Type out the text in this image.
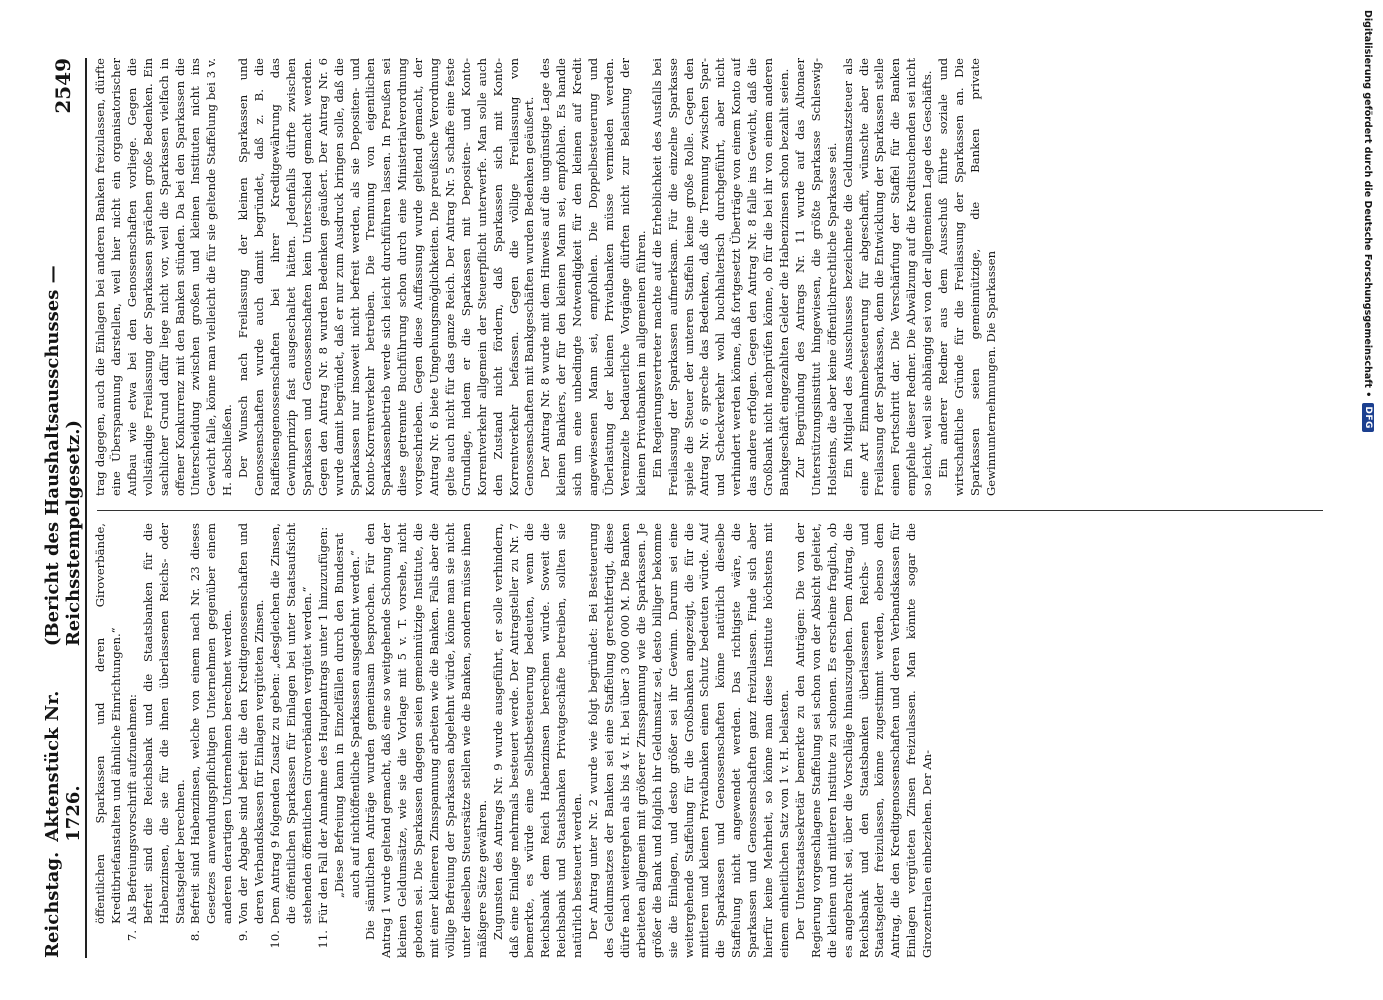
Reichstag.
Aktenstück Nr. 1726.
(Bericht des Haushaltsausschusses — Reichsstempelgesetz.)
2549

öffentlichen Sparkassen und deren Giroverbände, Kreditbriefanstalten und ähnliche Einrichtungen.“

7.
Als Befreiungsvorschrift aufzunehmen: Befreit sind die Reichsbank und die Staatsbanken für die Habenzinsen, die sie für die ihnen überlassenen Reichs- oder Staatsgelder berechnen.
8.
Befreit sind Habenzinsen, welche von einem nach Nr. 23 dieses Gesetzes anwendungspflichtigen Unternehmen gegenüber einem anderen derartigen Unternehmen berechnet werden.
9.
Von der Abgabe sind befreit die den Kreditgenossenschaften und deren Verbandskassen für Einlagen vergüteten Zinsen.
10.
Dem Antrag 9 folgenden Zusatz zu geben: „desgleichen die Zinsen, die öffentlichen Sparkassen für Einlagen bei unter Staatsaufsicht stehenden öffentlichen Giroverbänden vergütet werden.“
11.
Für den Fall der Annahme des Hauptantrags unter 1 hinzuzufügen: „Diese Befreiung kann in Einzelfällen durch den Bundesrat auch auf nichtöffentliche Sparkassen ausgedehnt werden.“ Die sämtlichen Anträge wurden gemeinsam besprochen. Für den Antrag 1 wurde geltend gemacht, daß eine so weitgehende Schonung der kleinen Geldumsätze, wie sie die Vorlage mit 5 v. T. vorsehe, nicht geboten sei. Die Sparkassen dagegen seien gemeinnützige Institute, die mit einer kleineren Zinsspannung arbeiten wie die Banken. Falls aber die völlige Befreiung der Sparkassen abgelehnt würde, könne man sie nicht unter dieselben Steuersätze stellen wie die Banken, sondern müsse ihnen mäßigere Sätze gewähren. Zugunsten des Antrags Nr. 9 wurde ausgeführt, er solle verhindern, daß eine Einlage mehrmals besteuert werde. Der Antragsteller zu Nr. 7 bemerkte, es würde eine Selbstbesteuerung bedeuten, wenn die Reichsbank dem Reich Habenzinsen berechnen würde. Soweit die Reichsbank und Staatsbanken Privatgeschäfte betreiben, sollten sie natürlich besteuert werden. Der Antrag unter Nr. 2 wurde wie folgt begründet: Bei Besteuerung des Geldumsatzes der Banken sei eine Staffelung gerechtfertigt, diese dürfe nach weitergehen als bis 4 v. H. bei über 3 000 000 M. Die Banken arbeiteten allgemein mit größerer Zinsspannung wie die Sparkassen. Je größer die Bank und folglich ihr Geldumsatz sei, desto billiger bekomme sie die Einlagen, und desto größer sei ihr Gewinn. Darum sei eine weitergehende Staffelung für die Großbanken angezeigt, die für die mittleren und kleinen Privatbanken einen Schutz bedeuten würde. Auf die Sparkassen und Genossenschaften könne natürlich dieselbe Staffelung nicht angewendet werden. Das richtigste wäre, die Sparkassen und Genossenschaften ganz freizulassen. Finde sich aber hierfür keine Mehrheit, so könne man diese Institute höchstens mit einem einheitlichen Satz von 1 v. H. belasten. Der Unterstaatssekretär bemerkte zu den Anträgen: Die von der Regierung vorgeschlagene Staffelung sei schon von der Absicht geleitet, die kleinen und mittleren Institute zu schonen. Es erscheine fraglich, ob es angebracht sei, über die Vorschläge hinauszugehen. Dem Antrag, die Reichsbank und den Staatsbanken überlassenen Reichs- und Staatsgelder freizulassen, könne zugestimmt werden, ebenso dem Antrag, die den Kreditgenossenschaften und deren Verbandskassen für Einlagen vergüteten Zinsen freizulassen. Man könnte sogar die Girozentralen einbeziehen. Der An-

trag dagegen, auch die Einlagen bei anderen Banken freizulassen, dürfte eine Überspannung darstellen, weil hier nicht ein organisatorischer Aufbau wie etwa bei den Genossenschaften vorliege. Gegen die vollständige Freilassung der Sparkassen sprächen große Bedenken. Ein sachlicher Grund dafür liege nicht vor, weil die Sparkassen vielfach in offener Konkurrenz mit den Banken stünden. Da bei den Sparkassen die Unterscheidung zwischen großen und kleinen Instituten nicht ins Gewicht falle, könne man vielleicht die für sie geltende Staffelung bei 3 v. H. abschließen. Der Wunsch nach Freilassung der kleinen Sparkassen und Genossenschaften wurde auch damit begründet, daß z. B. die Raiffeisengenossenschaften bei ihrer Kreditgewährung das Gewinnprinzip fast ausgeschaltet hätten. Jedenfalls dürfte zwischen Sparkassen und Genossenschaften kein Unterschied gemacht werden. Gegen den Antrag Nr. 8 wurden Bedenken geäußert. Der Antrag Nr. 6 wurde damit begründet, daß er nur zum Ausdruck bringen solle, daß die Sparkassen nur insoweit nicht befreit werden, als sie Depositen- und Konto-Korrentverkehr betreiben. Die Trennung von eigentlichen Sparkassenbetrieb werde sich leicht durchführen lassen. In Preußen sei diese getrennte Buchführung schon durch eine Ministerialverordnung vorgeschrieben. Gegen diese Auffassung wurde geltend gemacht, der Antrag Nr. 6 biete Umgehungsmöglichkeiten. Die preußische Verordnung gelte auch nicht für das ganze Reich. Der Antrag Nr. 5 schaffe eine feste Grundlage, indem er die Sparkassen mit Depositen- und Konto-Korrentverkehr allgemein der Steuerpflicht unterwerfe. Man solle auch den Zustand nicht fördern, daß Sparkassen sich mit Konto-Korrentverkehr befassen. Gegen die völlige Freilassung von Genossenschaften mit Bankgeschäften wurden Bedenken geäußert. Der Antrag Nr. 8 wurde mit dem Hinweis auf die ungünstige Lage des kleinen Bankiers, der für den kleinen Mann sei, empfohlen. Es handle sich um eine unbedingte Notwendigkeit für den kleinen auf Kredit angewiesenen Mann sei, empfohlen. Die Doppelbesteuerung und Überlastung der kleinen Privatbanken müsse vermieden werden. Vereinzelte bedauerliche Vorgänge dürften nicht zur Belastung der kleinen Privatbanken im allgemeinen führen. Ein Regierungsvertreter machte auf die Erheblichkeit des Ausfalls bei Freilassung der Sparkassen aufmerksam. Für die einzelne Sparkasse spiele die Steuer der unteren Staffeln keine große Rolle. Gegen den Antrag Nr. 6 spreche das Bedenken, daß die Trennung zwischen Spar- und Scheckverkehr wohl buchhalterisch durchgeführt, aber nicht verhindert werden könne, daß fortgesetzt Überträge von einem Konto auf das andere erfolgen. Gegen den Antrag Nr. 8 falle ins Gewicht, daß die Großbank nicht nachprüfen könne, ob für die bei ihr von einem anderen Bankgeschäft eingezahlten Gelder die Habenzinsen schon bezahlt seien. Zur Begründung des Antrags Nr. 11 wurde auf das Altonaer Unterstützungsinstitut hingewiesen, die größte Sparkasse Schleswig-Holsteins, die aber keine öffentlichrechtliche Sparkasse sei. Ein Mitglied des Ausschusses bezeichnete die Geldumsatzsteuer als eine Art Einnahmebesteuerung für abgeschafft, wünschte aber die Freilassung der Sparkassen, denn die Entwicklung der Sparkassen stelle einen Fortschritt dar. Die Verschärfung der Staffel für die Banken empfehle dieser Redner. Die Abwälzung auf die Kreditsuchenden sei nicht so leicht, weil sie abhängig sei von der allgemeinen Lage des Geschäfts. Ein anderer Redner aus dem Ausschuß führte soziale und wirtschaftliche Gründe für die Freilassung der Sparkassen an. Die Sparkassen seien gemeinnützige, die Banken private Gewinnunternehmungen. Die Sparkassen	Digitalisierung gefördert durch die Deutsche Forschungsgemeinschaft •
DFG
